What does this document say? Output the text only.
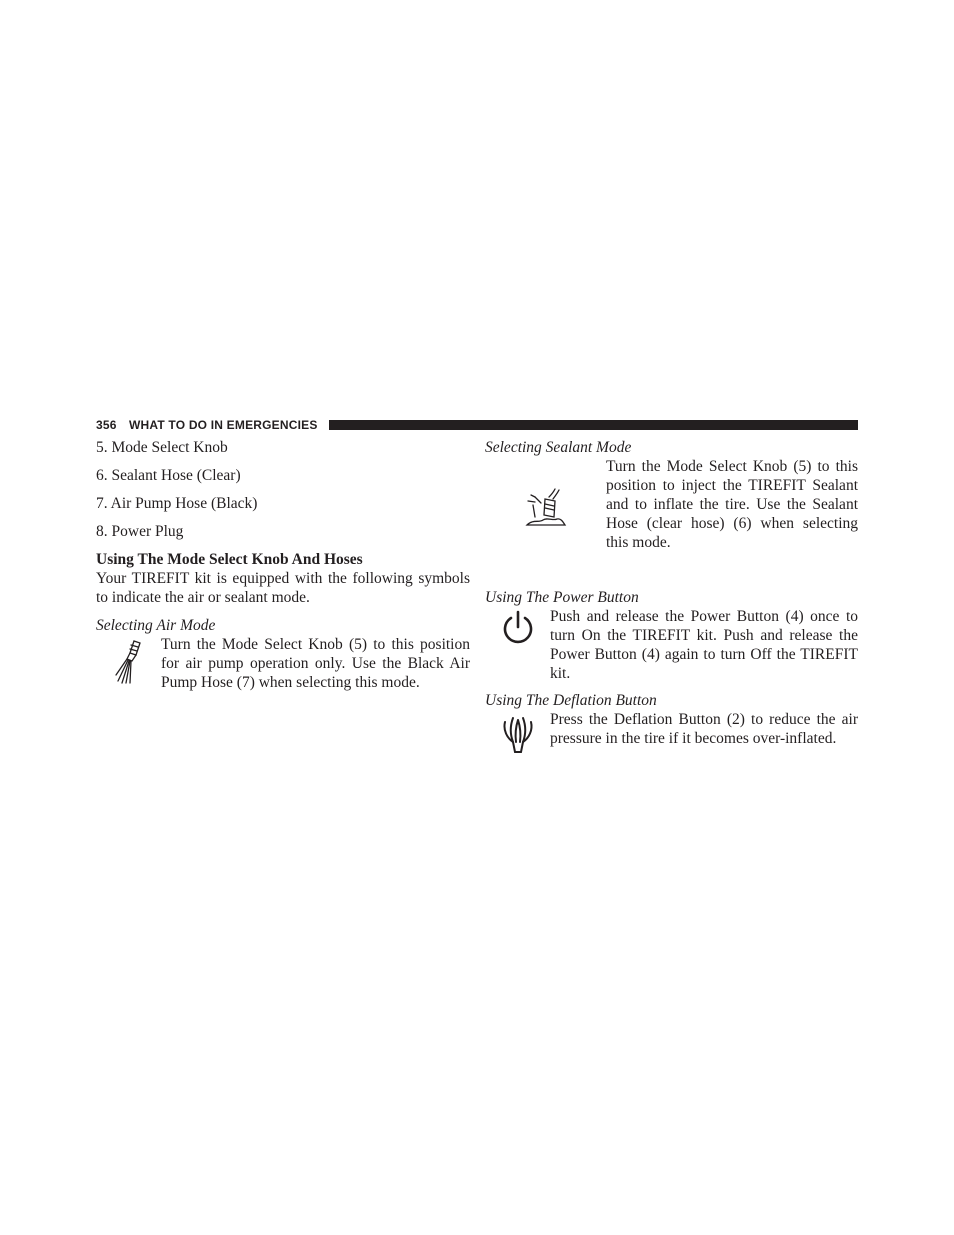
356 WHAT TO DO IN EMERGENCIES

5. Mode Select Knob

6. Sealant Hose (Clear)

7. Air Pump Hose (Black)

8. Power Plug

Using The Mode Select Knob And Hoses

Your TIREFIT kit is equipped with the following symbols to indicate the air or sealant mode.

Selecting Air Mode

Turn the Mode Select Knob (5) to this position for air pump operation only. Use the Black Air Pump Hose (7) when selecting this mode.

Selecting Sealant Mode

Turn the Mode Select Knob (5) to this position to inject the TIREFIT Sealant and to inflate the tire. Use the Sealant Hose (clear hose) (6) when selecting this mode.

Using The Power Button

Push and release the Power Button (4) once to turn On the TIREFIT kit. Push and release the Power Button (4) again to turn Off the TIREFIT kit.

Using The Deflation Button

Press the Deflation Button (2) to reduce the air pressure in the tire if it becomes over-inflated.
